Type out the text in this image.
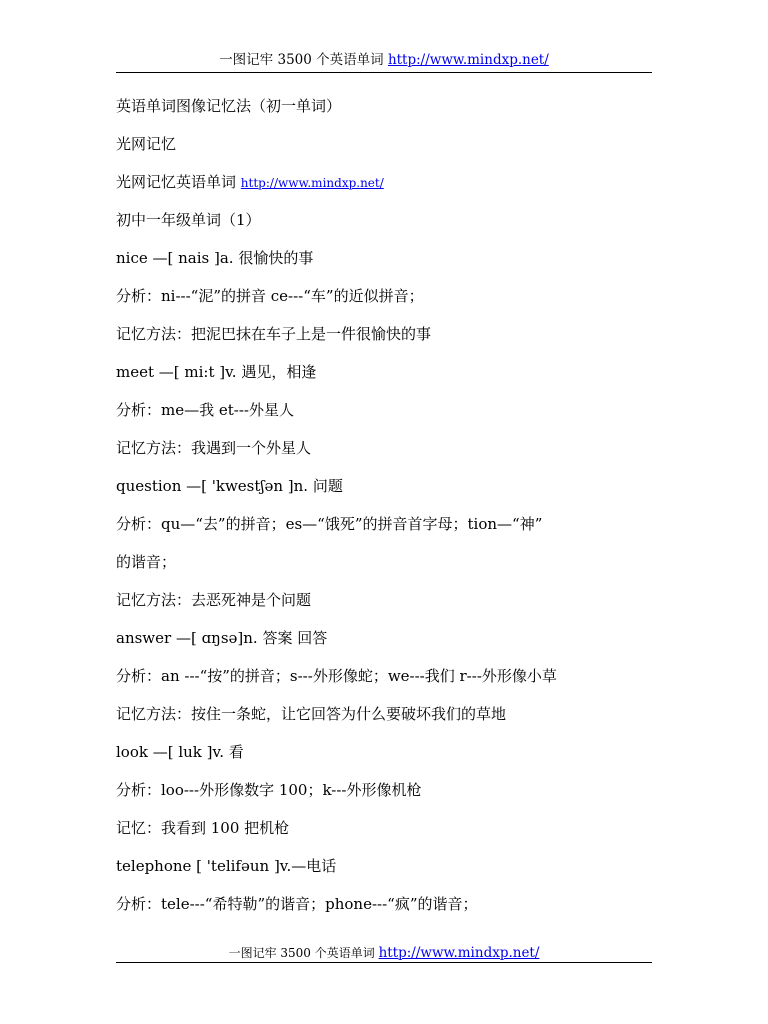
一图记牢 3500 个英语单词 http://www.mindxp.net/
英语单词图像记忆法（初一单词）
光网记忆
光网记忆英语单词 http://www.mindxp.net/
初中一年级单词（1）
nice —[ nais ]a. 很愉快的事
分析：ni---“泥”的拼音 ce---“车”的近似拼音；
记忆方法：把泥巴抹在车子上是一件很愉快的事
meet —[ mi:t ]v. 遇见，相逢
分析：me—我 et---外星人
记忆方法：我遇到一个外星人
question —[ 'kwestʃən ]n. 问题
分析：qu—“去”的拼音；es—“饿死”的拼音首字母；tion—“神”
的谐音；
记忆方法：去恶死神是个问题
answer —[ ɑŋsə]n. 答案 回答
分析：an ---“按”的拼音；s---外形像蛇；we---我们 r---外形像小草
记忆方法：按住一条蛇，让它回答为什么要破坏我们的草地
look —[ luk ]v. 看
分析：loo---外形像数字 100；k---外形像机枪
记忆：我看到 100 把机枪
telephone [ 'telifəun ]v.—电话
分析：tele---“希特勒”的谐音；phone---“疯”的谐音；
一图记牢 3500 个英语单词 http://www.mindxp.net/
